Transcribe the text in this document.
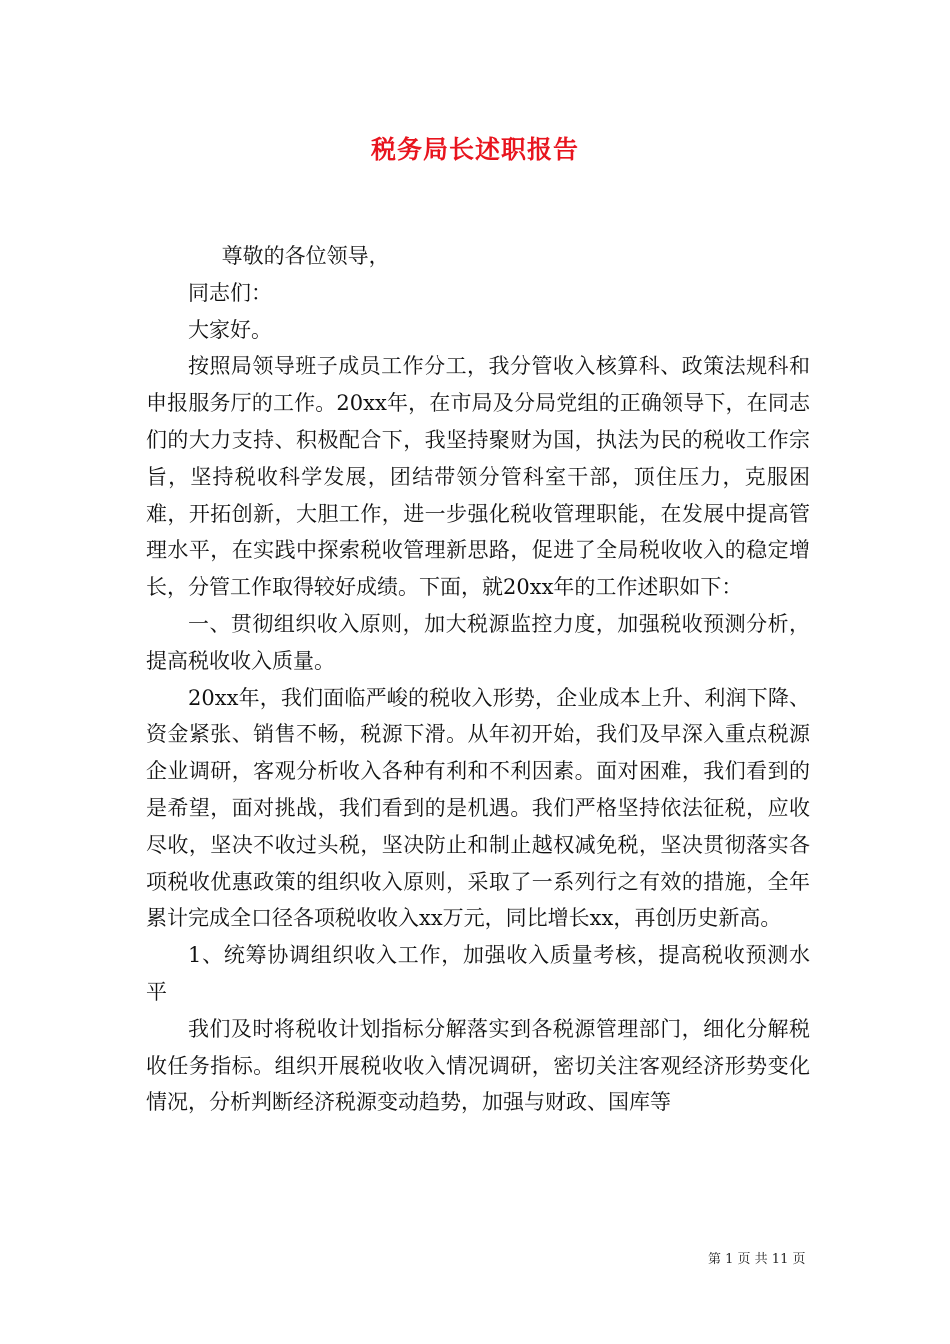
税务局长述职报告

尊敬的各位领导，

同志们：

大家好。

按照局领导班子成员工作分工，我分管收入核算科、政策法规科和申报服务厅的工作。20xx年，在市局及分局党组的正确领导下，在同志们的大力支持、积极配合下，我坚持聚财为国，执法为民的税收工作宗旨，坚持税收科学发展，团结带领分管科室干部，顶住压力，克服困难，开拓创新，大胆工作，进一步强化税收管理职能，在发展中提高管理水平，在实践中探索税收管理新思路，促进了全局税收收入的稳定增长，分管工作取得较好成绩。下面，就20xx年的工作述职如下：

一、贯彻组织收入原则，加大税源监控力度，加强税收预测分析，提高税收收入质量。

20xx年，我们面临严峻的税收入形势，企业成本上升、利润下降、资金紧张、销售不畅，税源下滑。从年初开始，我们及早深入重点税源企业调研，客观分析收入各种有利和不利因素。面对困难，我们看到的是希望，面对挑战，我们看到的是机遇。我们严格坚持依法征税，应收尽收，坚决不收过头税，坚决防止和制止越权减免税，坚决贯彻落实各项税收优惠政策的组织收入原则，采取了一系列行之有效的措施，全年累计完成全口径各项税收收入xx万元，同比增长xx，再创历史新高。

1、统筹协调组织收入工作，加强收入质量考核，提高税收预测水平

我们及时将税收计划指标分解落实到各税源管理部门，细化分解税收任务指标。组织开展税收收入情况调研，密切关注客观经济形势变化情况，分析判断经济税源变动趋势，加强与财政、国库等

第 1 页 共 11 页
